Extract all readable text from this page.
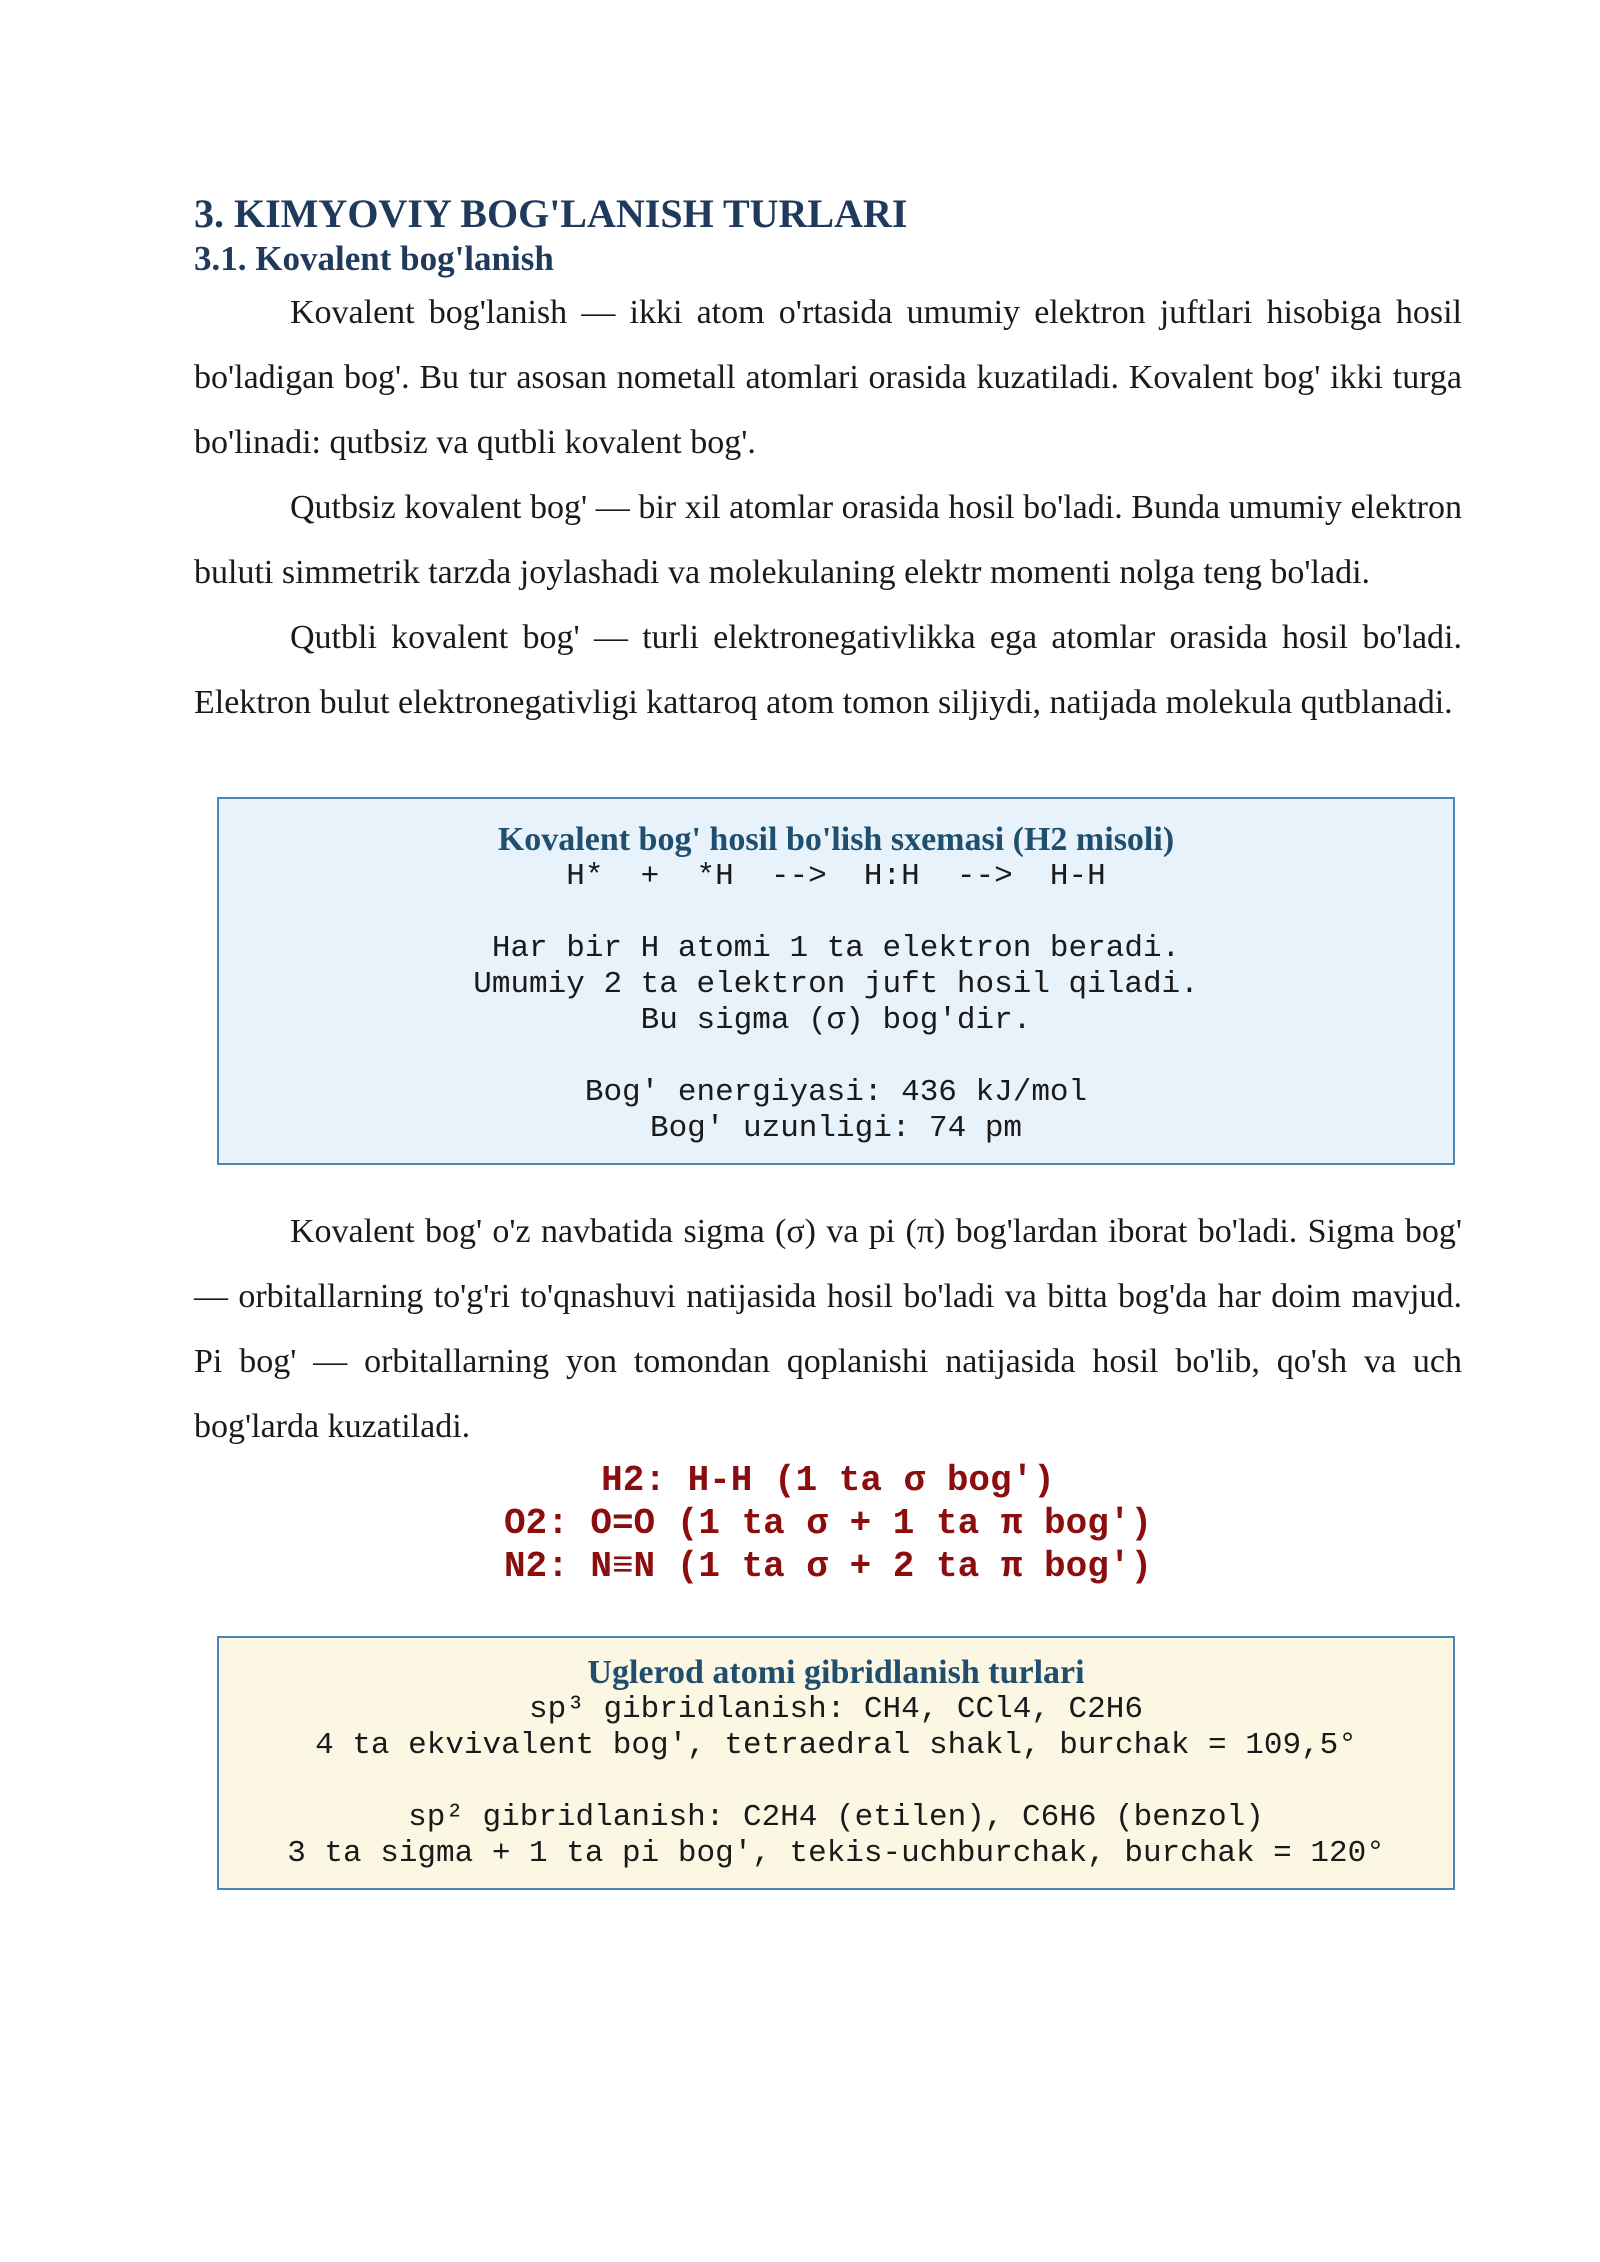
3. KIMYOVIY BOG'LANISH TURLARI
3.1. Kovalent bog'lanish

Kovalent bog'lanish — ikki atom o'rtasida umumiy elektron juftlari hisobiga hosil bo'ladigan bog'. Bu tur asosan nometall atomlari orasida kuzatiladi. Kovalent bog' ikki turga bo'linadi: qutbsiz va qutbli kovalent bog'.

Qutbsiz kovalent bog' — bir xil atomlar orasida hosil bo'ladi. Bunda umumiy elektron buluti simmetrik tarzda joylashadi va molekulaning elektr momenti nolga teng bo'ladi.

Qutbli kovalent bog' — turli elektronegativlikka ega atomlar orasida hosil bo'ladi. Elektron bulut elektronegativligi kattaroq atom tomon siljiydi, natijada molekula qutblanadi.

Kovalent bog' hosil bo'lish sxemasi (H2 misoli)
H*  +  *H  -->  H:H  -->  H-H
Har bir H atomi 1 ta elektron beradi.
Umumiy 2 ta elektron juft hosil qiladi.
Bu sigma (σ) bog'dir.
Bog' energiyasi: 436 kJ/mol
Bog' uzunligi: 74 pm

Kovalent bog' o'z navbatida sigma (σ) va pi (π) bog'lardan iborat bo'ladi. Sigma bog' — orbitallarning to'g'ri to'qnashuvi natijasida hosil bo'ladi va bitta bog'da har doim mavjud. Pi bog' — orbitallarning yon tomondan qoplanishi natijasida hosil bo'lib, qo'sh va uch bog'larda kuzatiladi.

H2: H-H (1 ta σ bog')
O2: O=O (1 ta σ + 1 ta π bog')
N2: N≡N (1 ta σ + 2 ta π bog')
Uglerod atomi gibridlanish turlari
sp³ gibridlanish: CH4, CCl4, C2H6
4 ta ekvivalent bog', tetraedral shakl, burchak = 109,5°
sp² gibridlanish: C2H4 (etilen), C6H6 (benzol)
3 ta sigma + 1 ta pi bog', tekis-uchburchak, burchak = 120°
